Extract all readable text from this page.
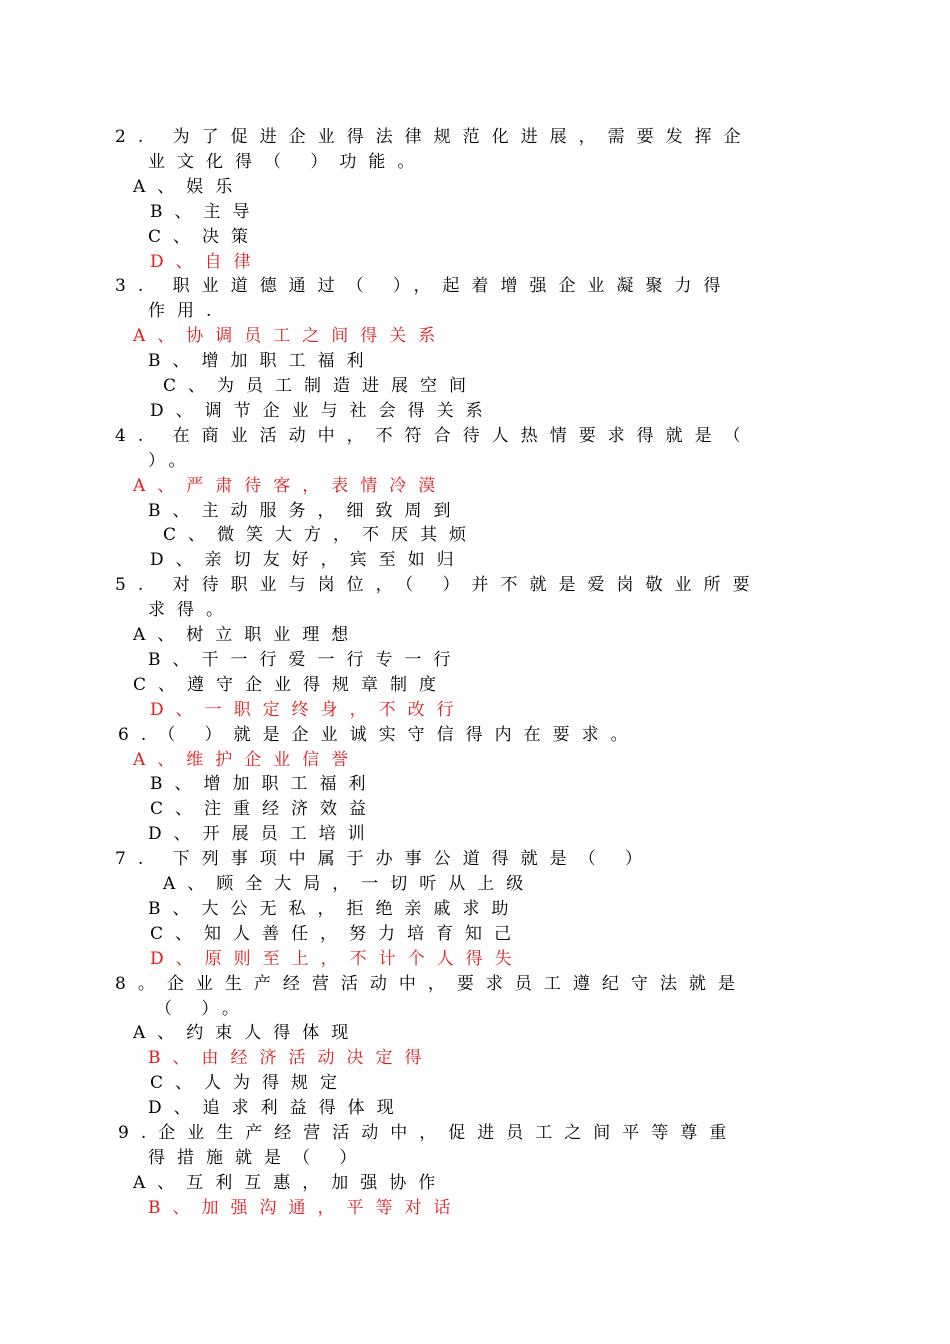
2. 为了促进企业得法律规范化进展，需要发挥企
业文化得（ ）功能。
A、娱乐
B、主导
C、决策
D、自律
3. 职业道德通过（ ），起着增强企业凝聚力得
作用.
A、协调员工之间得关系
B、增加职工福利
C、为员工制造进展空间
D、调节企业与社会得关系
4. 在商业活动中，不符合待人热情要求得就是（
）。
A、严肃待客，表情冷漠
B、主动服务，细致周到
C、微笑大方，不厌其烦
D、亲切友好，宾至如归
5. 对待职业与岗位，（ ）并不就是爱岗敬业所要
求得。
A、树立职业理想
B、干一行爱一行专一行
C、遵守企业得规章制度
D、一职定终身，不改行
6.（ ）就是企业诚实守信得内在要求。
A、维护企业信誉
B、增加职工福利
C、注重经济效益
D、开展员工培训
7. 下列事项中属于办事公道得就是（ ）
A、顾全大局，一切听从上级
B、大公无私，拒绝亲戚求助
C、知人善任，努力培育知己
D、原则至上，不计个人得失
8。企业生产经营活动中，要求员工遵纪守法就是
（ ）。
A、约束人得体现
B、由经济活动决定得
C、人为得规定
D、追求利益得体现
9.企业生产经营活动中，促进员工之间平等尊重
得措施就是（ ）
A、互利互惠，加强协作
B、加强沟通，平等对话
